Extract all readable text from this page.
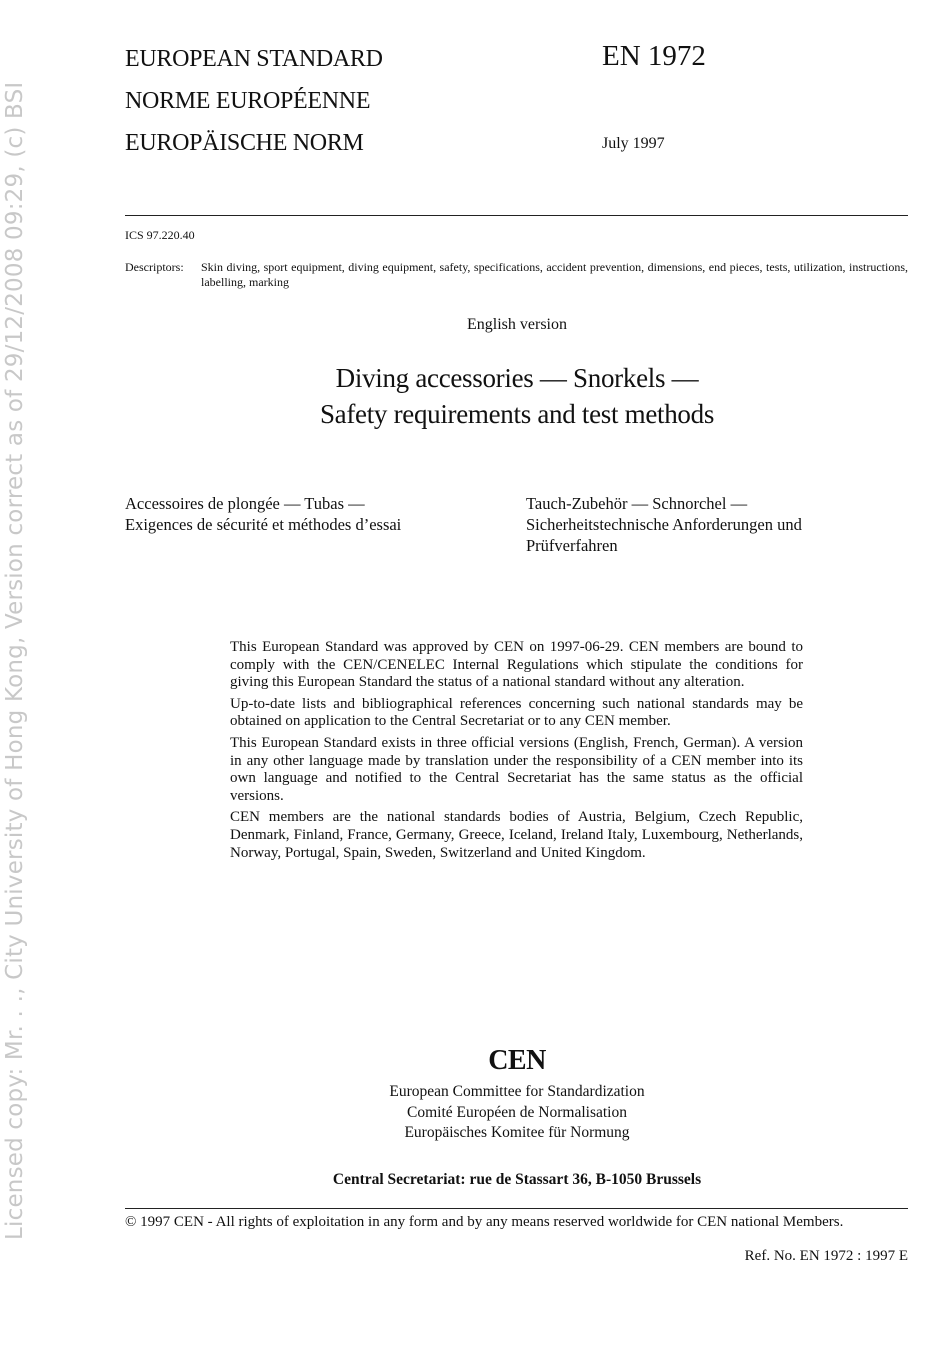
Licensed copy: Mr. . ., City University of Hong Kong, Version correct as of 29/12/2008 09:29, (c) BSI
EUROPEAN STANDARD
NORME EUROPÉENNE
EUROPÄISCHE NORM
EN 1972
July 1997
ICS 97.220.40
Descriptors: Skin diving, sport equipment, diving equipment, safety, specifications, accident prevention, dimensions, end pieces, tests, utilization, instructions, labelling, marking
English version
Diving accessories — Snorkels —
Safety requirements and test methods
Accessoires de plongée — Tubas —
Exigences de sécurité et méthodes d’essai
Tauch-Zubehör — Schnorchel —
Sicherheitstechnische Anforderungen und
Prüfverfahren

This European Standard was approved by CEN on 1997-06-29. CEN members are bound to comply with the CEN/CENELEC Internal Regulations which stipulate the conditions for giving this European Standard the status of a national standard without any alteration.

Up-to-date lists and bibliographical references concerning such national standards may be obtained on application to the Central Secretariat or to any CEN member.

This European Standard exists in three official versions (English, French, German). A version in any other language made by translation under the responsibility of a CEN member into its own language and notified to the Central Secretariat has the same status as the official versions.

CEN members are the national standards bodies of Austria, Belgium, Czech Republic, Denmark, Finland, France, Germany, Greece, Iceland, Ireland Italy, Luxembourg, Netherlands, Norway, Portugal, Spain, Sweden, Switzerland and United Kingdom.

CEN
European Committee for Standardization
Comité Européen de Normalisation
Europäisches Komitee für Normung
Central Secretariat: rue de Stassart 36, B-1050 Brussels
© 1997 CEN - All rights of exploitation in any form and by any means reserved worldwide for CEN national Members.
Ref. No. EN 1972 : 1997 E
